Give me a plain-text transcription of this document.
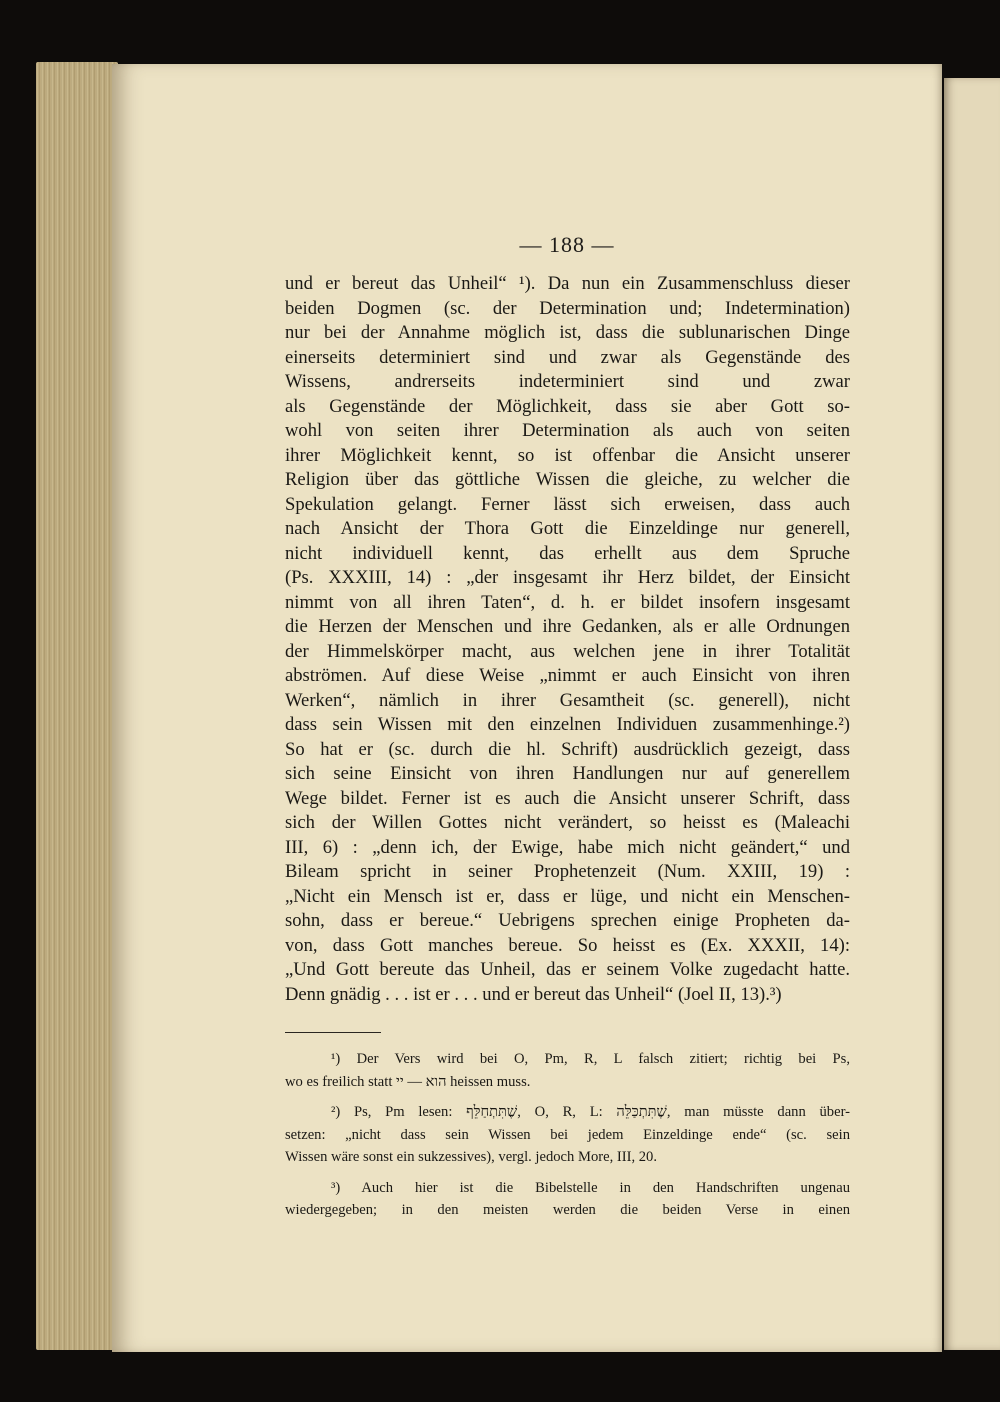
— 188 —
und er bereut das Unheil“ ¹). Da nun ein Zusammenschluss dieser
beiden Dogmen (sc. der Determination und; Indetermination)
nur bei der Annahme möglich ist, dass die sublunarischen Dinge
einerseits determiniert sind und zwar als Gegenstände des
Wissens, andrerseits indeterminiert sind und zwar
als Gegenstände der Möglichkeit, dass sie aber Gott so-
wohl von seiten ihrer Determination als auch von seiten
ihrer Möglichkeit kennt, so ist offenbar die Ansicht unserer
Religion über das göttliche Wissen die gleiche, zu welcher die
Spekulation gelangt. Ferner lässt sich erweisen, dass auch
nach Ansicht der Thora Gott die Einzeldinge nur generell,
nicht individuell kennt, das erhellt aus dem Spruche
(Ps. XXXIII, 14) : „der insgesamt ihr Herz bildet, der Einsicht
nimmt von all ihren Taten“, d. h. er bildet insofern insgesamt
die Herzen der Menschen und ihre Gedanken, als er alle Ordnungen
der Himmelskörper macht, aus welchen jene in ihrer Totalität
abströmen. Auf diese Weise „nimmt er auch Einsicht von ihren
Werken“, nämlich in ihrer Gesamtheit (sc. generell), nicht
dass sein Wissen mit den einzelnen Individuen zusammenhinge.²)
So hat er (sc. durch die hl. Schrift) ausdrücklich gezeigt, dass
sich seine Einsicht von ihren Handlungen nur auf generellem
Wege bildet. Ferner ist es auch die Ansicht unserer Schrift, dass
sich der Willen Gottes nicht verändert, so heisst es (Maleachi
III, 6) : „denn ich, der Ewige, habe mich nicht geändert,“ und
Bileam spricht in seiner Prophetenzeit (Num. XXIII, 19) :
„Nicht ein Mensch ist er, dass er lüge, und nicht ein Menschen-
sohn, dass er bereue.“ Uebrigens sprechen einige Propheten da-
von, dass Gott manches bereue. So heisst es (Ex. XXXII, 14):
„Und Gott bereute das Unheil, das er seinem Volke zugedacht hatte.
Denn gnädig . . . ist er . . . und er bereut das Unheil“ (Joel II, 13).³)
¹) Der Vers wird bei O, Pm, R, L falsch zitiert; richtig bei Ps,
wo es freilich statt ‎יי‎ — ‎הוא‎ heissen muss.
²) Ps, Pm lesen: ‎שֶׁתִּתְחַלֵּף‎, O, R, L: ‎שֶׁתִּתְכַּלֵּה‎, man müsste dann über-
setzen: „nicht dass sein Wissen bei jedem Einzeldinge ende“ (sc. sein
Wissen wäre sonst ein sukzessives), vergl. jedoch More, III, 20.
³) Auch hier ist die Bibelstelle in den Handschriften ungenau
wiedergegeben; in den meisten werden die beiden Verse in einen
